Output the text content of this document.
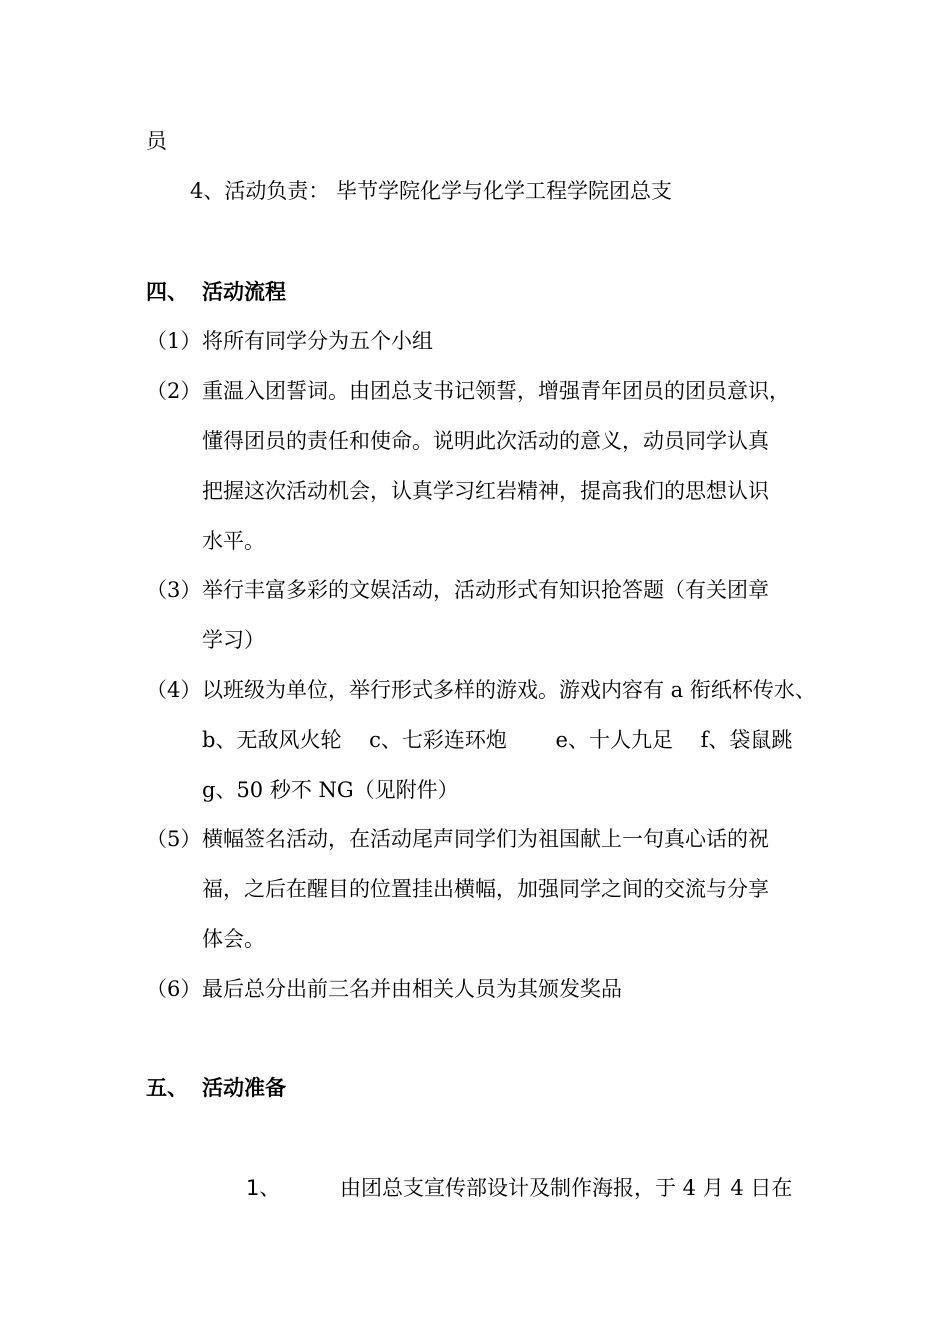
员
4、活动负责： 毕节学院化学与化学工程学院团总支
四、 活动流程
（1） 将所有同学分为五个小组
（2） 重温入团誓词。由团总支书记领誓，增强青年团员的团员意识，
懂得团员的责任和使命。说明此次活动的意义，动员同学认真
把握这次活动机会，认真学习红岩精神，提高我们的思想认识
水平。
（3） 举行丰富多彩的文娱活动，活动形式有知识抢答题（有关团章
学习）
（4） 以班级为单位，举行形式多样的游戏。游戏内容有 a 衔纸杯传水、
b、无敌风火轮　 c、七彩连环炮　　 e、十人九足　 f、袋鼠跳
g、50 秒不 NG（见附件）
（5） 横幅签名活动，在活动尾声同学们为祖国献上一句真心话的祝
福，之后在醒目的位置挂出横幅，加强同学之间的交流与分享
体会。
（6） 最后总分出前三名并由相关人员为其颁发奖品
五、 活动准备
1、	由团总支宣传部设计及制作海报，于 4 月 4 日在
